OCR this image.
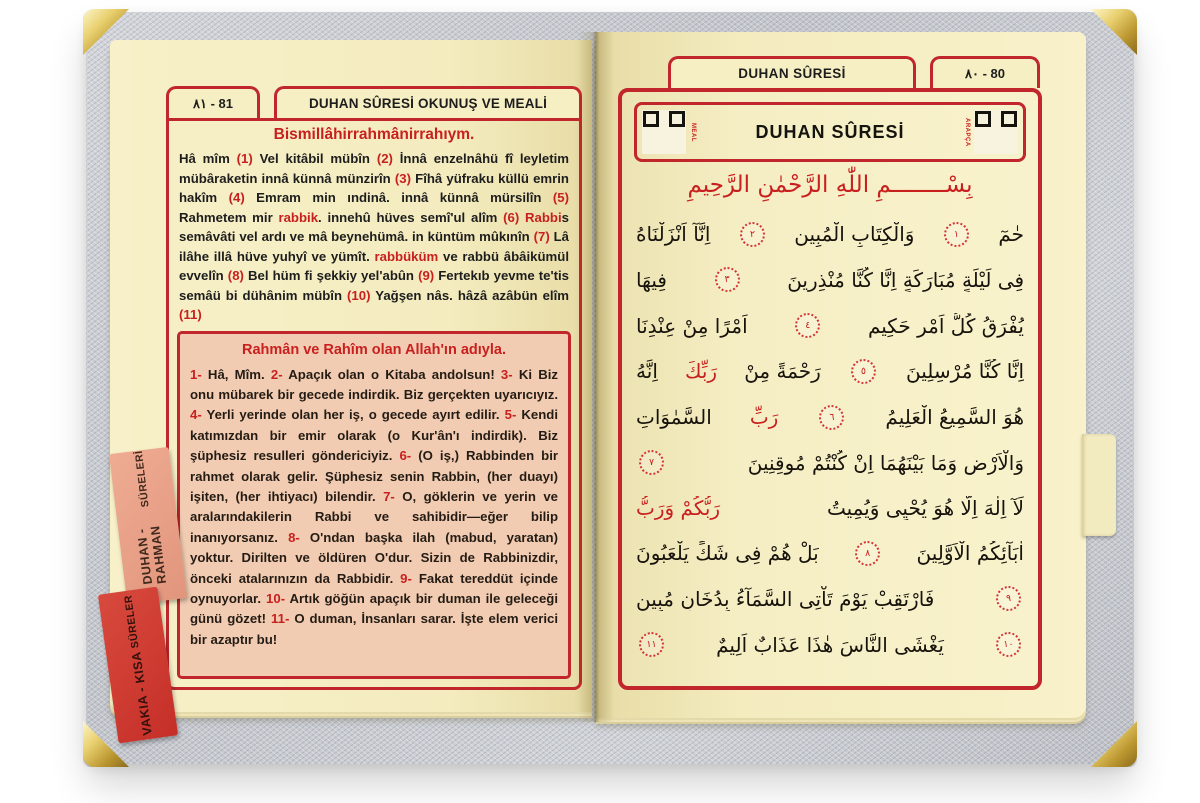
٨١ - 81	DUHAN SÛRESİ OKUNUŞ VE MEALİ
Bismillâhirrahmânirrahıym.

Hâ mîm (1) Vel kitâbil mübîn (2) İnnâ enzelnâhü fî leyletim mübâraketin innâ künnâ münzirîn (3) Fîhâ yüfraku küllü emrin hakîm (4) Emram min ındinâ. innâ künnâ mürsilîn (5) Rahmetem mir rabbik. innehû hüves semî'ul alîm (6) Rabbis semâvâti vel ardı ve mâ beynehümâ. in küntüm mûkınîn (7) Lâ ilâhe illâ hüve yuhyî ve yümît. rabbüküm ve rabbü âbâikümül evvelîn (8) Bel hüm fi şekkiy yel'abûn (9) Fertekıb yevme te'tis semâü bi dühânim mübîn (10) Yağşen nâs. hâzâ azâbün elîm (11)

Rahmân ve Rahîm olan Allah'ın adıyla.

1- Hâ, Mîm. 2- Apaçık olan o Kitaba andolsun! 3- Ki Biz onu mübarek bir gecede indirdik. Biz gerçekten uyarıcıyız. 4- Yerli yerinde olan her iş, o gecede ayırt edilir. 5- Kendi katımızdan bir emir olarak (o Kur'ân'ı indirdik). Biz şüphesiz resulleri göndericiyiz. 6- (O iş,) Rabbinden bir rahmet olarak gelir. Şüphesiz senin Rabbin, (her duayı) işiten, (her ihtiyacı) bilendir. 7- O, göklerin ve yerin ve aralarındakilerin Rabbi ve sahibidir—eğer bilip inanıyorsanız. 8- O'ndan başka ilah (mabud, yaratan) yoktur. Dirilten ve öldüren O'dur. Sizin de Rabbinizdir, önceki atalarınızın da Rabbidir. 9- Fakat tereddüt içinde oynuyorlar. 10- Artık göğün apaçık bir duman ile geleceği günü gözet! 11- O duman, İnsanları sarar. İşte elem verici bir azaptır bu!

DUHAN SÛRESİ	٨٠ - 80
MEAL	DUHAN SÛRESİ	ARAPÇA
بِسْــــــــمِ اللّٰهِ الرَّحْمٰنِ الرَّحِيمِ
حٰمٓ
١
وَالْكِتَابِ الْمُبِينِ
٢
اِنَّآ اَنْزَلْنَاهُ
فِى لَيْلَةٍ مُبَارَكَةٍ اِنَّا كُنَّا مُنْذِرِينَ
٣
فِيهَا
يُفْرَقُ كُلُّ اَمْرٍ حَكِيمٍ
٤
اَمْرًا مِنْ عِنْدِنَا
اِنَّا كُنَّا مُرْسِلِينَ
٥
رَحْمَةً مِنْ
رَبِّكَ
اِنَّهُ
هُوَ السَّمِيعُ الْعَلِيمُ
٦
رَبِّ
السَّمٰوَاتِ
وَالْاَرْضِ وَمَا بَيْنَهُمَا اِنْ كُنْتُمْ مُوقِنِينَ
٧
لَآ اِلٰهَ اِلَّا هُوَ يُحْيِى وَيُمِيتُ
رَبُّكُمْ وَرَبُّ
اٰبَآئِكُمُ الْاَوَّلِينَ
٨
بَلْ هُمْ فِى شَكٍّ يَلْعَبُونَ
٩
فَارْتَقِبْ يَوْمَ تَاْتِى السَّمَآءُ بِدُخَانٍ مُبِينٍ
١٠
يَغْشَى النَّاسَ هٰذَا عَذَابٌ اَلِيمٌ
١١
DUHAN - RAHMAN
SÜRELERİ
VAKIA - KISA
SÜRELER
